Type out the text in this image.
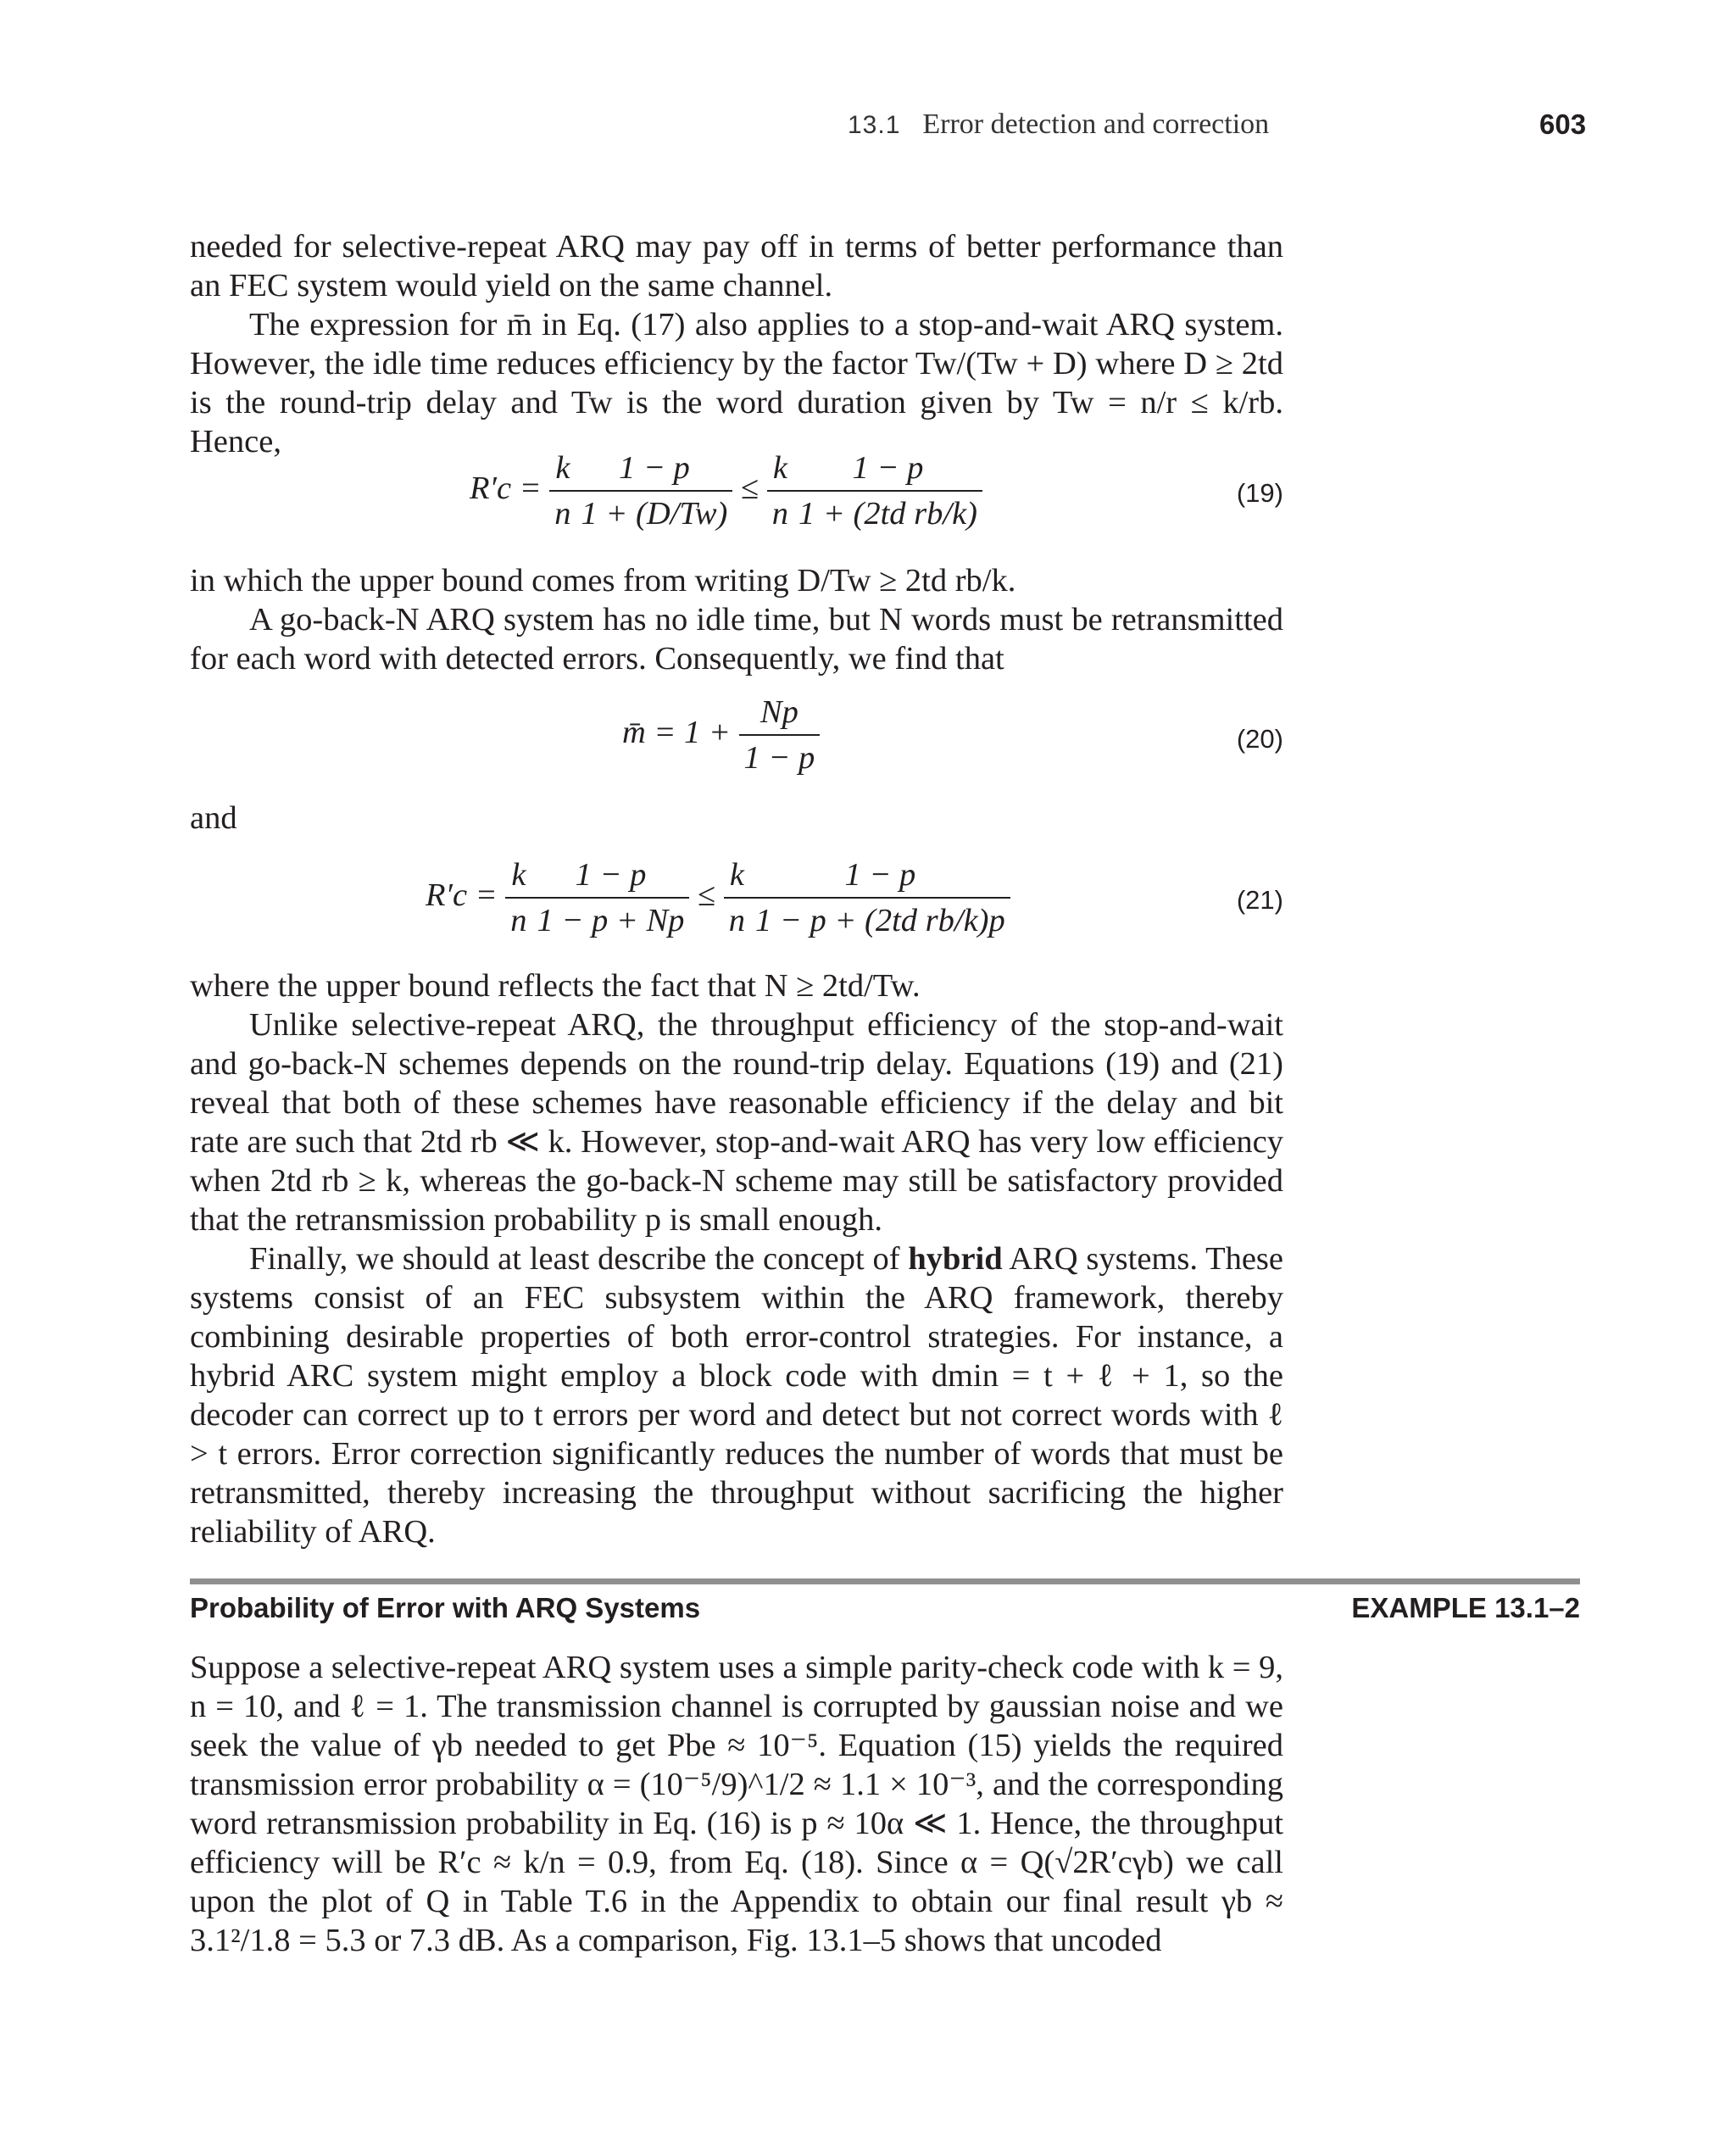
13.1 Error detection and correction	603

needed for selective-repeat ARQ may pay off in terms of better performance than an FEC system would yield on the same channel.

The expression for m̄ in Eq. (17) also applies to a stop-and-wait ARQ system. However, the idle time reduces efficiency by the factor Tw/(Tw + D) where D ≥ 2td is the round-trip delay and Tw is the word duration given by Tw = n/r ≤ k/rb. Hence,

$R'c = \frac{k}{n} \frac{1 - p}{1 + (D/Tw)} \le \frac{k}{n} \frac{1 - p}{\text{1 + (2td rb/k)}}$	(19)

in which the upper bound comes from writing D/Tw ≥ 2td rb/k.

A go-back-N ARQ system has no idle time, but N words must be retransmitted for each word with detected errors. Consequently, we find that

m̄ = $1 + \frac{Np}{1 - p}$	(20)

and

$R'c = \frac{k}{n} \frac{1 - p}{1 - p + Np} \le \frac{k}{n} \frac{1 - p}{\text{1 − p + (2td rb/k)p}}$	(21)

where the upper bound reflects the fact that N ≥ 2td/Tw.

Unlike selective-repeat ARQ, the throughput efficiency of the stop-and-wait and go-back-N schemes depends on the round-trip delay. Equations (19) and (21) reveal that both of these schemes have reasonable efficiency if the delay and bit rate are such that 2td rb ≪ k. However, stop-and-wait ARQ has very low efficiency when 2td rb ≥ k, whereas the go-back-N scheme may still be satisfactory provided that the retransmission probability p is small enough.

Finally, we should at least describe the concept of hybrid ARQ systems. These systems consist of an FEC subsystem within the ARQ framework, thereby combining desirable properties of both error-control strategies. For instance, a hybrid ARC system might employ a block code with dmin = t + ℓ + 1, so the decoder can correct up to t errors per word and detect but not correct words with ℓ > t errors. Error correction significantly reduces the number of words that must be retransmitted, thereby increasing the throughput without sacrificing the higher reliability of ARQ.

Probability of Error with ARQ Systems	EXAMPLE 13.1–2

Suppose a selective-repeat ARQ system uses a simple parity-check code with k = 9, n = 10, and ℓ = 1. The transmission channel is corrupted by gaussian noise and we seek the value of γb needed to get Pbe ≈ 10⁻⁵. Equation (15) yields the required transmission error probability α = (10⁻⁵/9)^1/2 ≈ 1.1 × 10⁻³, and the corresponding word retransmission probability in Eq. (16) is p ≈ 10α ≪ 1. Hence, the throughput efficiency will be R′c ≈ k/n = 0.9, from Eq. (18). Since α = Q(√2R′cγb) we call upon the plot of Q in Table T.6 in the Appendix to obtain our final result γb ≈ 3.1²/1.8 = 5.3 or 7.3 dB. As a comparison, Fig. 13.1–5 shows that uncoded
